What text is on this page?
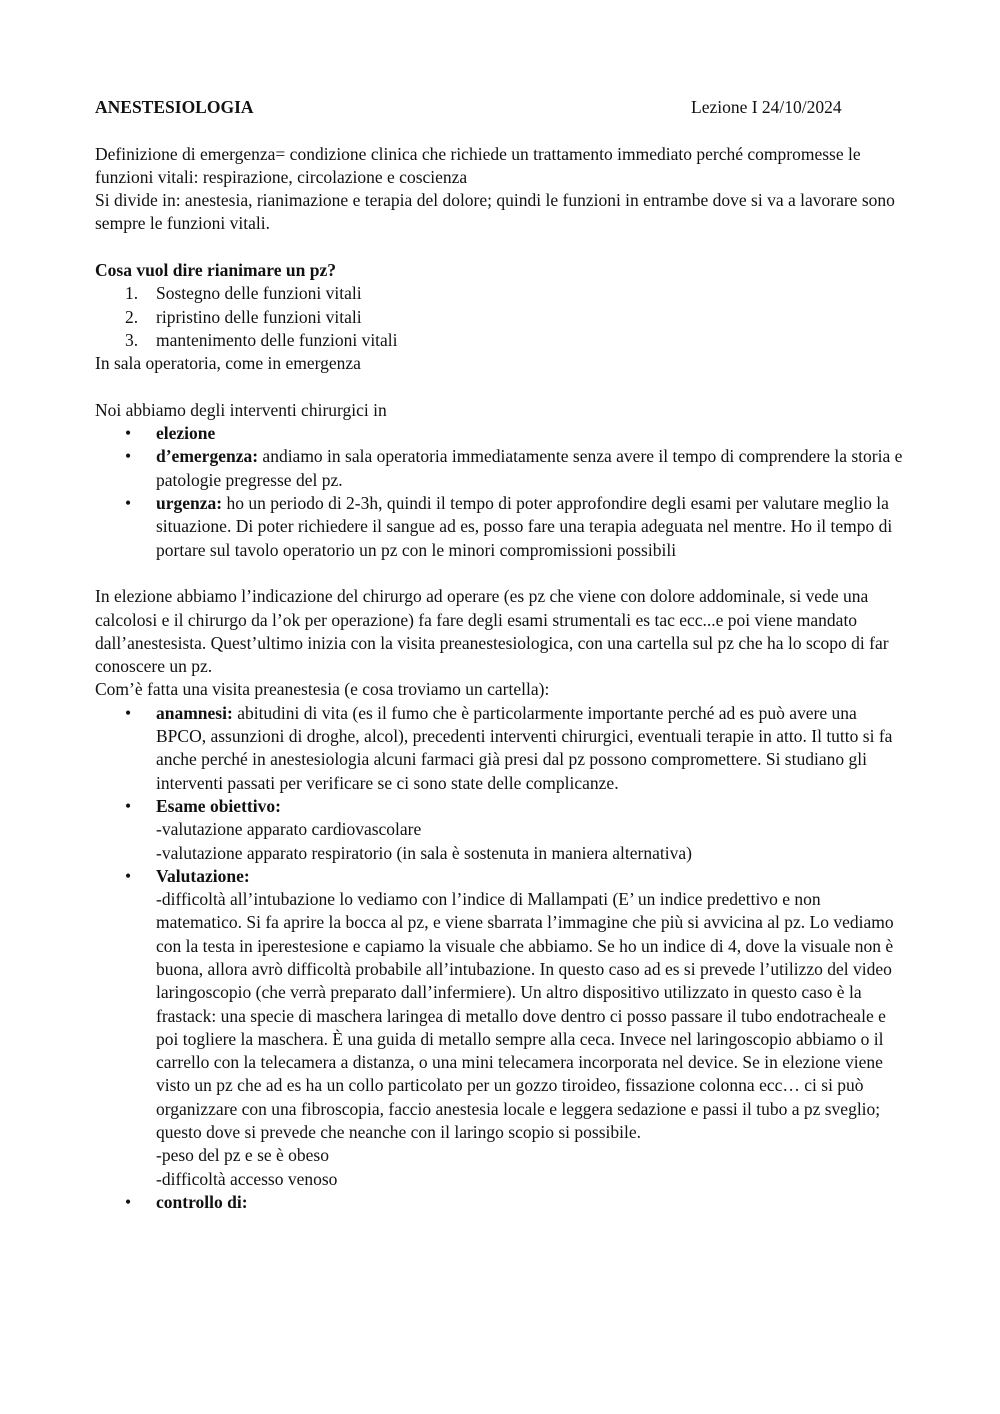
ANESTESIOLOGIA	Lezione I 24/10/2024

Definizione di emergenza= condizione clinica che richiede un trattamento immediato perché compromesse le funzioni vitali: respirazione, circolazione e coscienza

Si divide in: anestesia, rianimazione e terapia del dolore; quindi le funzioni in entrambe dove si va a lavorare sono sempre le funzioni vitali.

Cosa vuol dire rianimare un pz?

1. Sostegno delle funzioni vitali
2. ripristino delle funzioni vitali
3. mantenimento delle funzioni vitali

In sala operatoria, come in emergenza

Noi abbiamo degli interventi chirurgici in

• elezione
• d’emergenza: andiamo in sala operatoria immediatamente senza avere il tempo di comprendere la storia e patologie pregresse del pz.
• urgenza: ho un periodo di 2-3h, quindi il tempo di poter approfondire degli esami per valutare meglio la situazione. Di poter richiedere il sangue ad es, posso fare una terapia adeguata nel mentre. Ho il tempo di portare sul tavolo operatorio un pz con le minori compromissioni possibili

In elezione abbiamo l’indicazione del chirurgo ad operare (es pz che viene con dolore addominale, si vede una calcolosi e il chirurgo da l’ok per operazione) fa fare degli esami strumentali es tac ecc...e poi viene mandato dall’anestesista. Quest’ultimo inizia con la visita preanestesiologica, con una cartella sul pz che ha lo scopo di far conoscere un pz.

Com’è fatta una visita preanestesia (e cosa troviamo un cartella):

• anamnesi: abitudini di vita (es il fumo che è particolarmente importante perché ad es può avere una BPCO, assunzioni di droghe, alcol), precedenti interventi chirurgici, eventuali terapie in atto. Il tutto si fa anche perché in anestesiologia alcuni farmaci già presi dal pz possono compromettere. Si studiano gli interventi passati per verificare se ci sono state delle complicanze.
• Esame obiettivo:
-valutazione apparato cardiovascolare
-valutazione apparato respiratorio (in sala è sostenuta in maniera alternativa)
• Valutazione:
-difficoltà all’intubazione lo vediamo con l’indice di Mallampati (E’ un indice predettivo e non matematico. Si fa aprire la bocca al pz, e viene sbarrata l’immagine che più si avvicina al pz. Lo vediamo con la testa in iperestesione e capiamo la visuale che abbiamo. Se ho un indice di 4, dove la visuale non è buona, allora avrò difficoltà probabile all’intubazione. In questo caso ad es si prevede l’utilizzo del video laringoscopio (che verrà preparato dall’infermiere). Un altro dispositivo utilizzato in questo caso è la frastack: una specie di maschera laringea di metallo dove dentro ci posso passare il tubo endotracheale e poi togliere la maschera. È una guida di metallo sempre alla ceca. Invece nel laringoscopio abbiamo o il carrello con la telecamera a distanza, o una mini telecamera incorporata nel device. Se in elezione viene visto un pz che ad es ha un collo particolato per un gozzo tiroideo, fissazione colonna ecc… ci si può organizzare con una fibroscopia, faccio anestesia locale e leggera sedazione e passi il tubo a pz sveglio; questo dove si prevede che neanche con il laringo scopio si possibile.
-peso del pz e se è obeso
-difficoltà accesso venoso
• controllo di:
